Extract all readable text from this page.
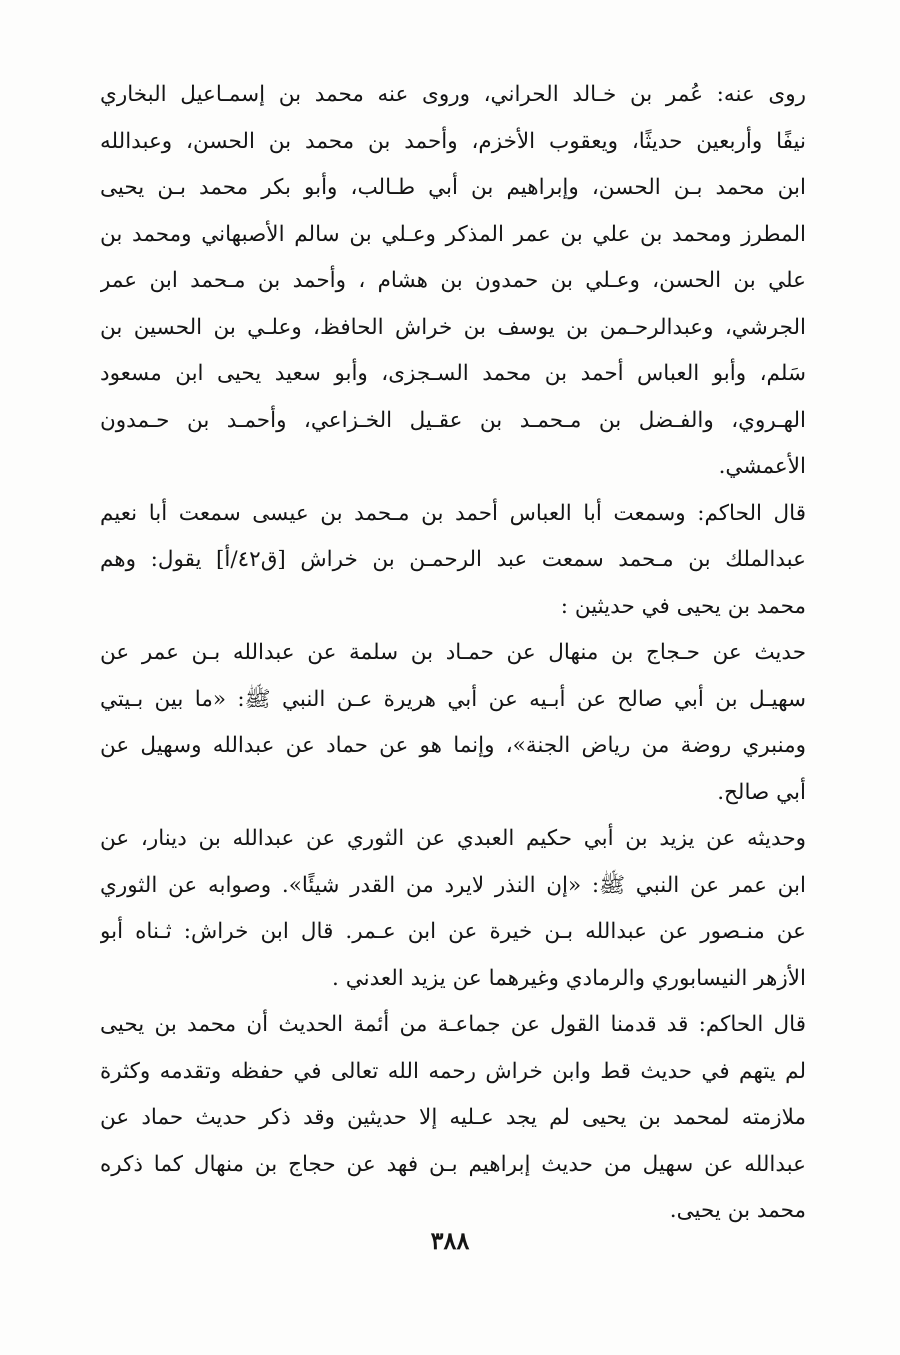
روى عنه: عُمر بن خـالد الحراني، وروى عنه محمد بن إسمـاعيل البخاري
نيفًا وأربعين حديثًا، ويعقوب الأخزم، وأحمد بن محمد بن الحسن، وعبدالله
ابن محمد بـن الحسن، وإبراهيم بن أبي طـالب، وأبو بكر محمد بـن يحيى
المطرز ومحمد بن علي بن عمر المذكر وعـلي بن سالم الأصبهاني ومحمد بن
علي بن الحسن، وعـلي بن حمدون بن هشام ، وأحمد بن مـحمد ابن عمر
الجرشي، وعبدالرحـمن بن يوسف بن خراش الحافظ، وعلـي بن الحسين بن
سَلم، وأبو العباس أحمد بن محمد السـجزى، وأبو سعيد يحيى ابن مسعود
الهـروي، والفـضل بن مـحمـد بن عقـيل الخـزاعي، وأحمـد بن حـمدون
الأعمشي.
قال الحاكم: وسمعت أبا العباس أحمد بن مـحمد بن عيسى سمعت أبا نعيم
عبدالملك بن مـحمد سمعت عبد الرحمـن بن خراش [ق٤٢/أ] يقول: وهم
محمد بن يحيى في حديثين :
حديث عن حـجاج بن منهال عن حمـاد بن سلمة عن عبدالله بـن عمر عن
سهيـل بن أبي صالح عن أبـيه عن أبي هريرة عـن النبي ﷺ: «ما بين بـيتي
ومنبري روضة من رياض الجنة»، وإنما هو عن حماد عن عبدالله وسهيل عن
أبي صالح.
وحديثه عن يزيد بن أبي حكيم العبدي عن الثوري عن عبدالله بن دينار، عن
ابن عمر عن النبي ﷺ: «إن النذر لايرد من القدر شيئًا». وصوابه عن الثوري
عن منـصور عن عبدالله بـن خيرة عن ابن عـمر. قال ابن خراش: ثـناه أبو
الأزهر النيسابوري والرمادي وغيرهما عن يزيد العدني .
قال الحاكم: قد قدمنا القول عن جماعـة من أئمة الحديث أن محمد بن يحيى
لم يتهم في حديث قط وابن خراش رحمه الله تعالى في حفظه وتقدمه وكثرة
ملازمته لمحمد بن يحيى لم يجد عـليه إلا حديثين وقد ذكر حديث حماد عن
عبدالله عن سهيل من حديث إبراهيم بـن فهد عن حجاج بن منهال كما ذكره
محمد بن يحيى.
٣٨٨
